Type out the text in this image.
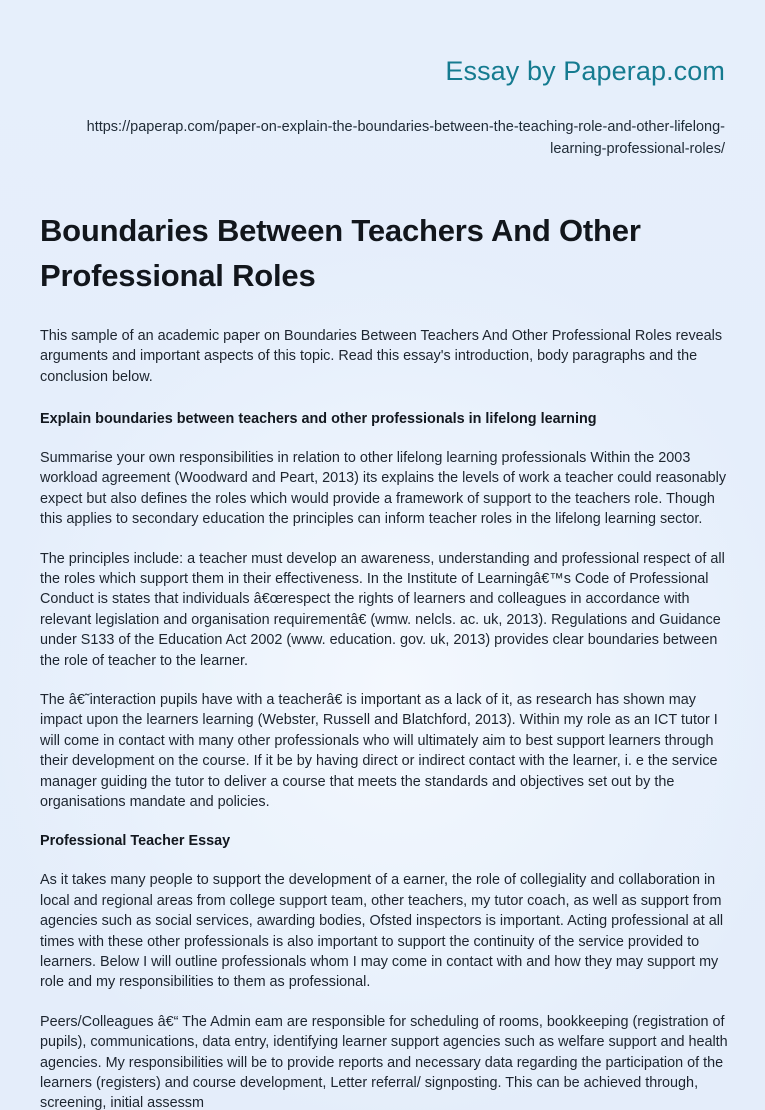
Essay by Paperap.com
https://paperap.com/paper-on-explain-the-boundaries-between-the-teaching-role-and-other-lifelong-learning-professional-roles/
Boundaries Between Teachers And Other Professional Roles

This sample of an academic paper on Boundaries Between Teachers And Other Professional Roles reveals arguments and important aspects of this topic. Read this essay's introduction, body paragraphs and the conclusion below.

Explain boundaries between teachers and other professionals in lifelong learning

Summarise your own responsibilities in relation to other lifelong learning professionals Within the 2003 workload agreement (Woodward and Peart, 2013) its explains the levels of work a teacher could reasonably expect but also defines the roles which would provide a framework of support to the teachers role. Though this applies to secondary education the principles can inform teacher roles in the lifelong learning sector.

The principles include: a teacher must develop an awareness, understanding and professional respect of all the roles which support them in their effectiveness. In the Institute of Learningâ€™s Code of Professional Conduct is states that individuals â€œrespect the rights of learners and colleagues in accordance with relevant legislation and organisation requirementâ€ (wmw. nelcls. ac. uk, 2013). Regulations and Guidance under S133 of the Education Act 2002 (www. education. gov. uk, 2013) provides clear boundaries between the role of teacher to the learner.

The â€˜interaction pupils have with a teacherâ€ is important as a lack of it, as research has shown may impact upon the learners learning (Webster, Russell and Blatchford, 2013). Within my role as an ICT tutor I will come in contact with many other professionals who will ultimately aim to best support learners through their development on the course. If it be by having direct or indirect contact with the learner, i. e the service manager guiding the tutor to deliver a course that meets the standards and objectives set out by the organisations mandate and policies.

Professional Teacher Essay

As it takes many people to support the development of a earner, the role of collegiality and collaboration in local and regional areas from college support team, other teachers, my tutor coach, as well as support from agencies such as social services, awarding bodies, Ofsted inspectors is important. Acting professional at all times with these other professionals is also important to support the continuity of the service provided to learners. Below I will outline professionals whom I may come in contact with and how they may support my role and my responsibilities to them as professional.

Peers/Colleagues â€“ The Admin eam are responsible for scheduling of rooms, bookkeeping (registration of pupils), communications, data entry, identifying learner support agencies such as welfare support and health agencies. My responsibilities will be to provide reports and necessary data regarding the participation of the learners (registers) and course development, Letter referral/ signposting. This can be achieved through, screening, initial assessm
